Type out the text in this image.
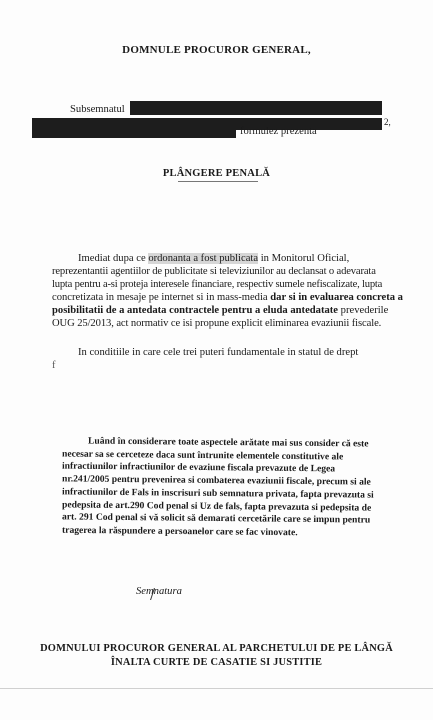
DOMNULE PROCUROR GENERAL,
Subsemnatul
2,
formulez prezenta
PLÂNGERE PENALĂ
Imediat dupa ce ordonanta a fost publicata in Monitorul Oficial,
reprezentantii agentiilor de publicitate si televiziunilor au declansat o adevarata
lupta pentru a-si proteja interesele financiare, respectiv sumele nefiscalizate, lupta
concretizata in mesaje pe internet si in mass-media dar si in evaluarea concreta a
posibilitatii de a antedata contractele pentru a eluda antedatate prevederile
OUG 25/2013, act normativ ce isi propune explicit eliminarea evaziunii fiscale.
In conditiile in care cele trei puteri fundamentale in statul de drept
f
Luând în considerare toate aspectele arătate mai sus consider că este
necesar sa se cerceteze daca sunt întrunite elementele constitutive ale
infractiunilor infractiunilor de evaziune fiscala prevazute de Legea
nr.241/2005 pentru prevenirea si combaterea evaziunii fiscale, precum si ale
infractiunilor de Fals in inscrisuri sub semnatura privata, fapta prevazuta si
pedepsita de art.290 Cod penal si Uz de fals, fapta prevazuta si pedepsita de
art. 291 Cod penal si vă solicit să demarati cercetările care se impun pentru
tragerea la răspundere a persoanelor care se fac vinovate.
Semnatura
DOMNULUI PROCUROR GENERAL AL PARCHETULUI DE PE LÂNGĂ
ÎNALTA CURTE DE CASATIE SI JUSTITIE
